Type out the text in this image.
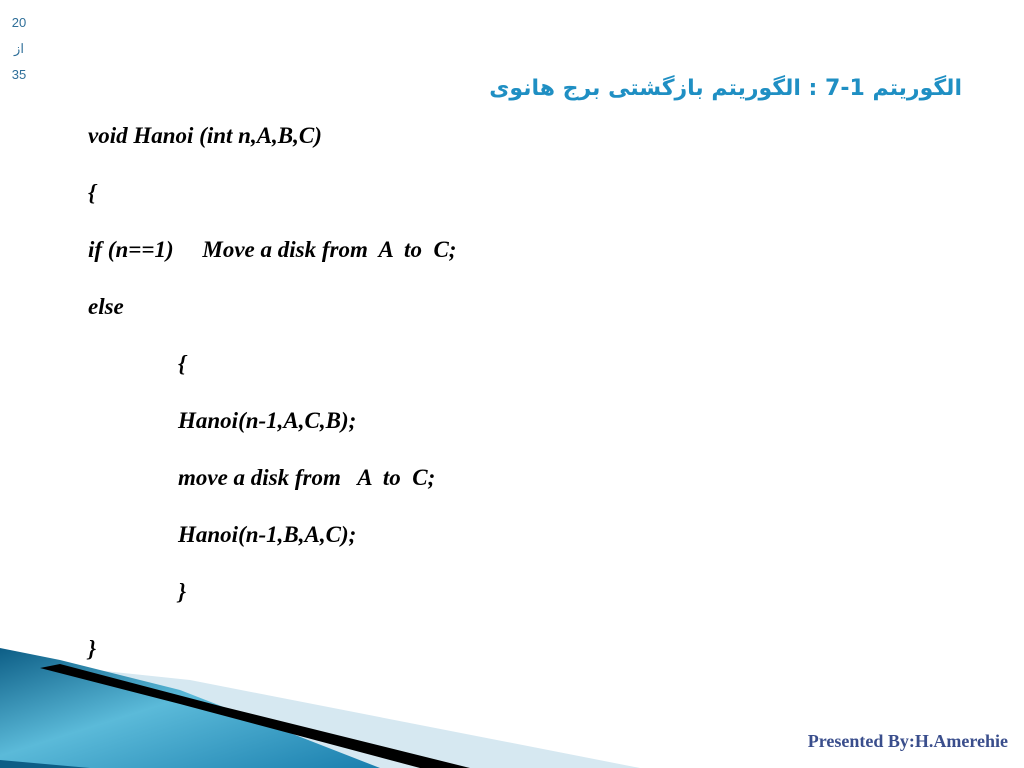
20
از
35
الگوریتم 1-7 : الگوریتم بازگشتی برج هانوی
void Hanoi (int n,A,B,C)
{
if (n==1)     Move a disk from  A  to  C;
else
{
Hanoi(n-1,A,C,B);
move a disk from   A  to  C;
Hanoi(n-1,B,A,C);
}
}
Presented By:H.Amerehie
